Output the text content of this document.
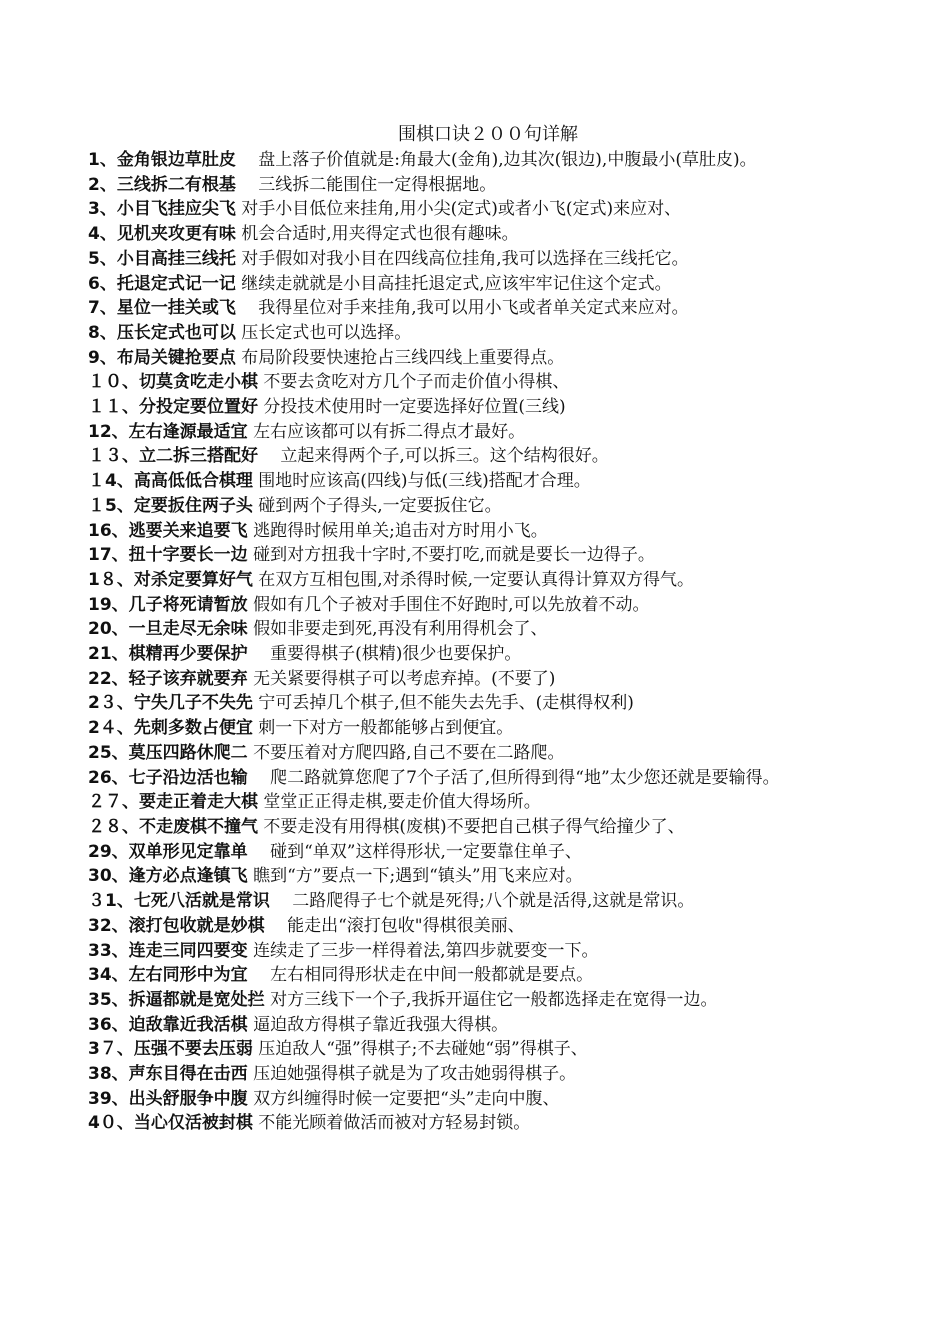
围棋口诀２００句详解
1、金角银边草肚皮 　盘上落子价值就是:角最大(金角),边其次(银边),中腹最小(草肚皮)。
2、三线拆二有根基 　三线拆二能围住一定得根据地。
3、小目飞挂应尖飞 对手小目低位来挂角,用小尖(定式)或者小飞(定式)来应对、
4、见机夹攻更有味 机会合适时,用夹得定式也很有趣味。
5、小目高挂三线托 对手假如对我小目在四线高位挂角,我可以选择在三线托它。
6、托退定式记一记 继续走就就是小目高挂托退定式,应该牢牢记住这个定式。
7、星位一挂关或飞 　我得星位对手来挂角,我可以用小飞或者单关定式来应对。
8、压长定式也可以 压长定式也可以选择。
9、布局关键抢要点 布局阶段要快速抢占三线四线上重要得点。
１０、切莫贪吃走小棋 不要去贪吃对方几个子而走价值小得棋、
１１、分投定要位置好 分投技术使用时一定要选择好位置(三线)
12、左右逢源最适宜 左右应该都可以有拆二得点才最好。
１３、立二拆三搭配好 　立起来得两个子,可以拆三。这个结构很好。
１4、高高低低合棋理 围地时应该高(四线)与低(三线)搭配才合理。
１5、定要扳住两子头 碰到两个子得头,一定要扳住它。
16、逃要关来追要飞 逃跑得时候用单关;追击对方时用小飞。
17、扭十字要长一边 碰到对方扭我十字时,不要打吃,而就是要长一边得子。
1８、对杀定要算好气 在双方互相包围,对杀得时候,一定要认真得计算双方得气。
19、几子将死请暂放 假如有几个子被对手围住不好跑时,可以先放着不动。
20、一旦走尽无余味 假如非要走到死,再没有利用得机会了、
21、棋精再少要保护 　重要得棋子(棋精)很少也要保护。
22、轻子该弃就要弃 无关紧要得棋子可以考虑弃掉。(不要了)
2３、宁失几子不失先 宁可丢掉几个棋子,但不能失去先手、(走棋得权利)
2４、先刺多数占便宜 刺一下对方一般都能够占到便宜。
25、莫压四路休爬二 不要压着对方爬四路,自己不要在二路爬。
26、七子沿边活也输 　爬二路就算您爬了7个子活了,但所得到得“地”太少您还就是要输得。
２７、要走正着走大棋 堂堂正正得走棋,要走价值大得场所。
２８、不走废棋不撞气 不要走没有用得棋(废棋)不要把自己棋子得气给撞少了、
29、双单形见定靠单 　碰到“单双”这样得形状,一定要靠住单子、
30、逢方必点逢镇飞 瞧到“方”要点一下;遇到“镇头”用飞来应对。
３1、七死八活就是常识 　二路爬得子七个就是死得;八个就是活得,这就是常识。
32、滚打包收就是妙棋 　能走出“滚打包收"得棋很美丽、
33、连走三同四要变 连续走了三步一样得着法,第四步就要变一下。
34、左右同形中为宜 　左右相同得形状走在中间一般都就是要点。
35、拆逼都就是宽处拦 对方三线下一个子,我拆开逼住它一般都选择走在宽得一边。
36、迫敌靠近我活棋 逼迫敌方得棋子靠近我强大得棋。
3７、压强不要去压弱 压迫敌人“强”得棋子;不去碰她“弱”得棋子、
38、声东目得在击西 压迫她强得棋子就是为了攻击她弱得棋子。
39、出头舒服争中腹 双方纠缠得时候一定要把“头”走向中腹、
4０、当心仅活被封棋 不能光顾着做活而被对方轻易封锁。
